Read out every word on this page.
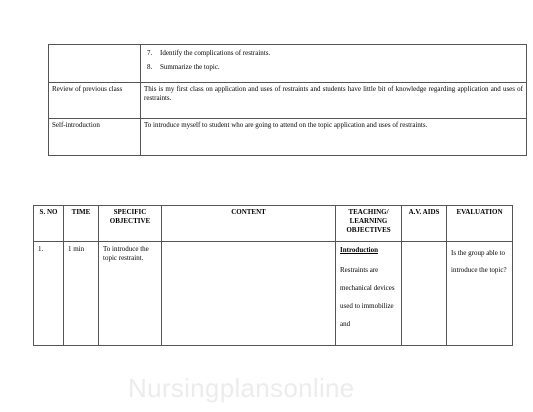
	7. Identify the complications of restraints.
8. Summarize the topic.

Review of previous class	This is my first class on application and uses of restraints and students have little bit of knowledge regarding application and uses of restraints.
Self-introduction	To introduce myself to student who are going to attend on the topic application and uses of restraints.
S. NO	TIME	SPECIFIC OBJECTIVE	CONTENT	TEACHING/ LEARNING OBJECTIVES	A.V. AIDS	EVALUATION
1.	1 min	To introduce the topic restraint.		Introduction
Restraints are mechanical devices used to immobilize and		Is the group able to introduce the topic?
Nursingplansonline
